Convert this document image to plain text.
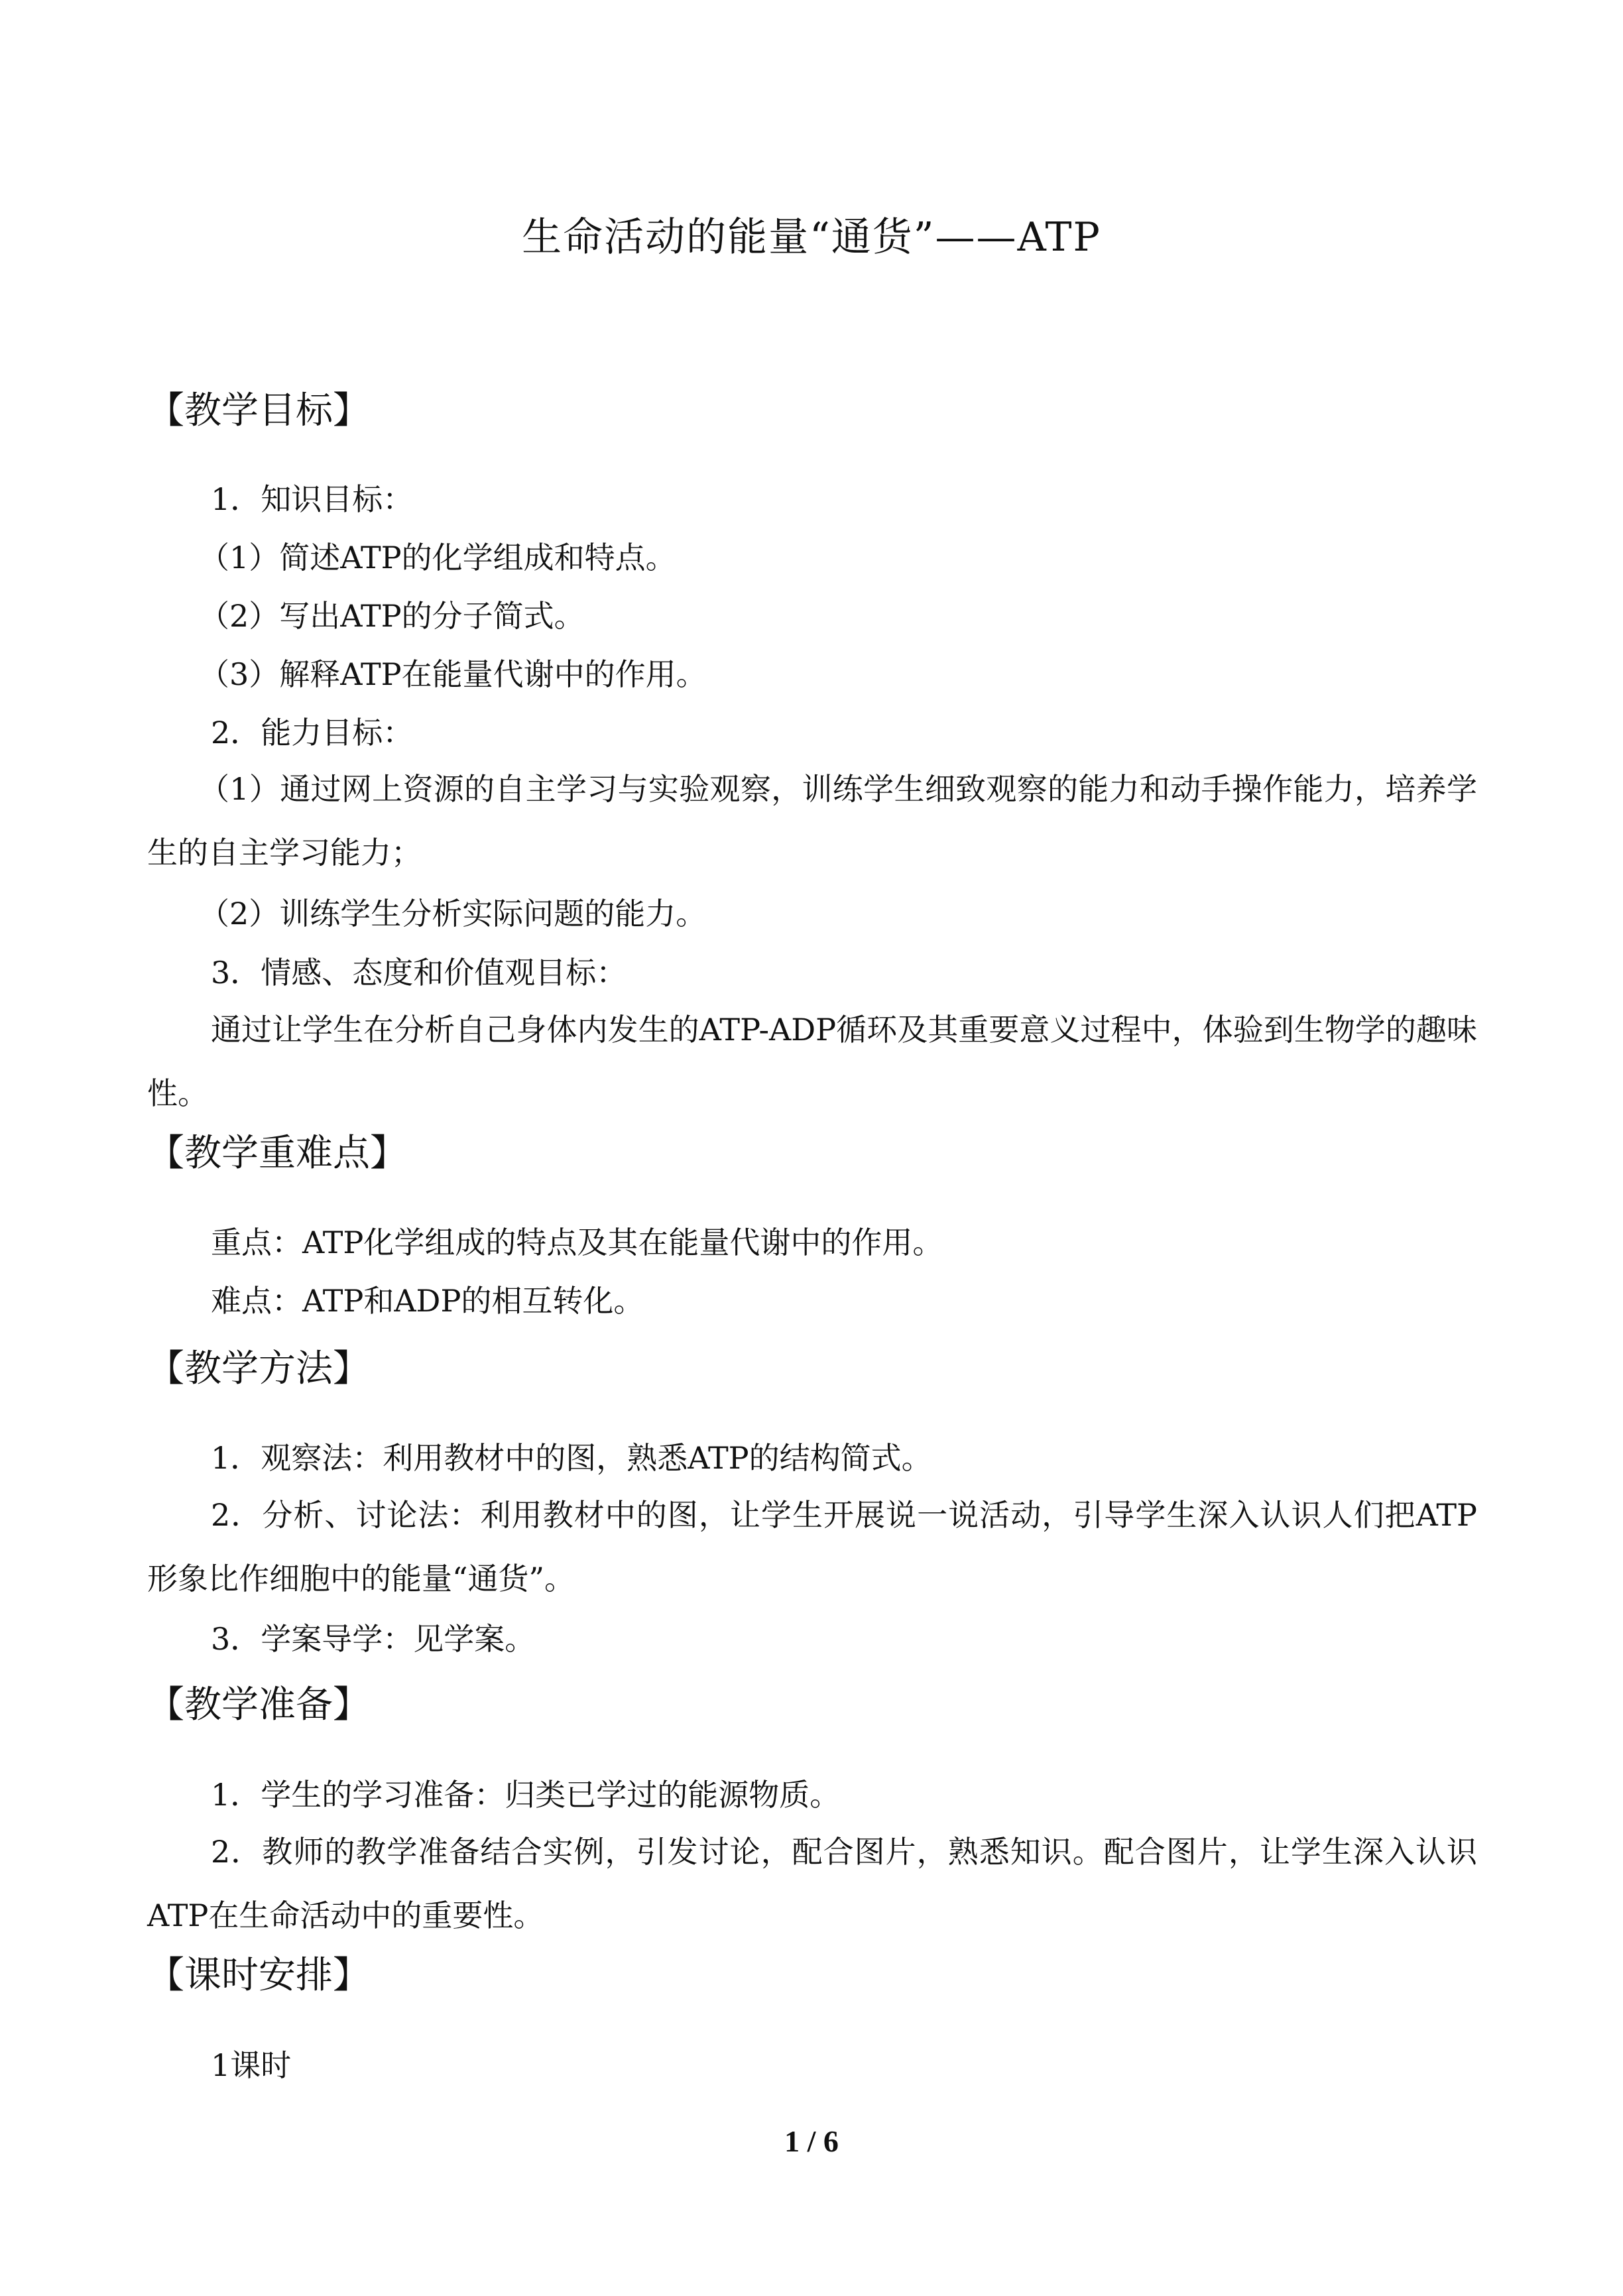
生命活动的能量“通货”——ATP
【教学目标】
1．知识目标：
（1）简述ATP的化学组成和特点。
（2）写出ATP的分子简式。
（3）解释ATP在能量代谢中的作用。
2．能力目标：
（1）通过网上资源的自主学习与实验观察，训练学生细致观察的能力和动手操作能力，培养学生的自主学习能力；
（2）训练学生分析实际问题的能力。
3．情感、态度和价值观目标：
通过让学生在分析自己身体内发生的ATP-ADP循环及其重要意义过程中，体验到生物学的趣味性。
【教学重难点】
重点：ATP化学组成的特点及其在能量代谢中的作用。
难点：ATP和ADP的相互转化。
【教学方法】
1．观察法：利用教材中的图，熟悉ATP的结构简式。
2．分析、讨论法：利用教材中的图，让学生开展说一说活动，引导学生深入认识人们把ATP形象比作细胞中的能量“通货”。
3．学案导学：见学案。
【教学准备】
1．学生的学习准备：归类已学过的能源物质。
2．教师的教学准备结合实例，引发讨论，配合图片，熟悉知识。配合图片，让学生深入认识ATP在生命活动中的重要性。
【课时安排】
1课时
1 / 6
